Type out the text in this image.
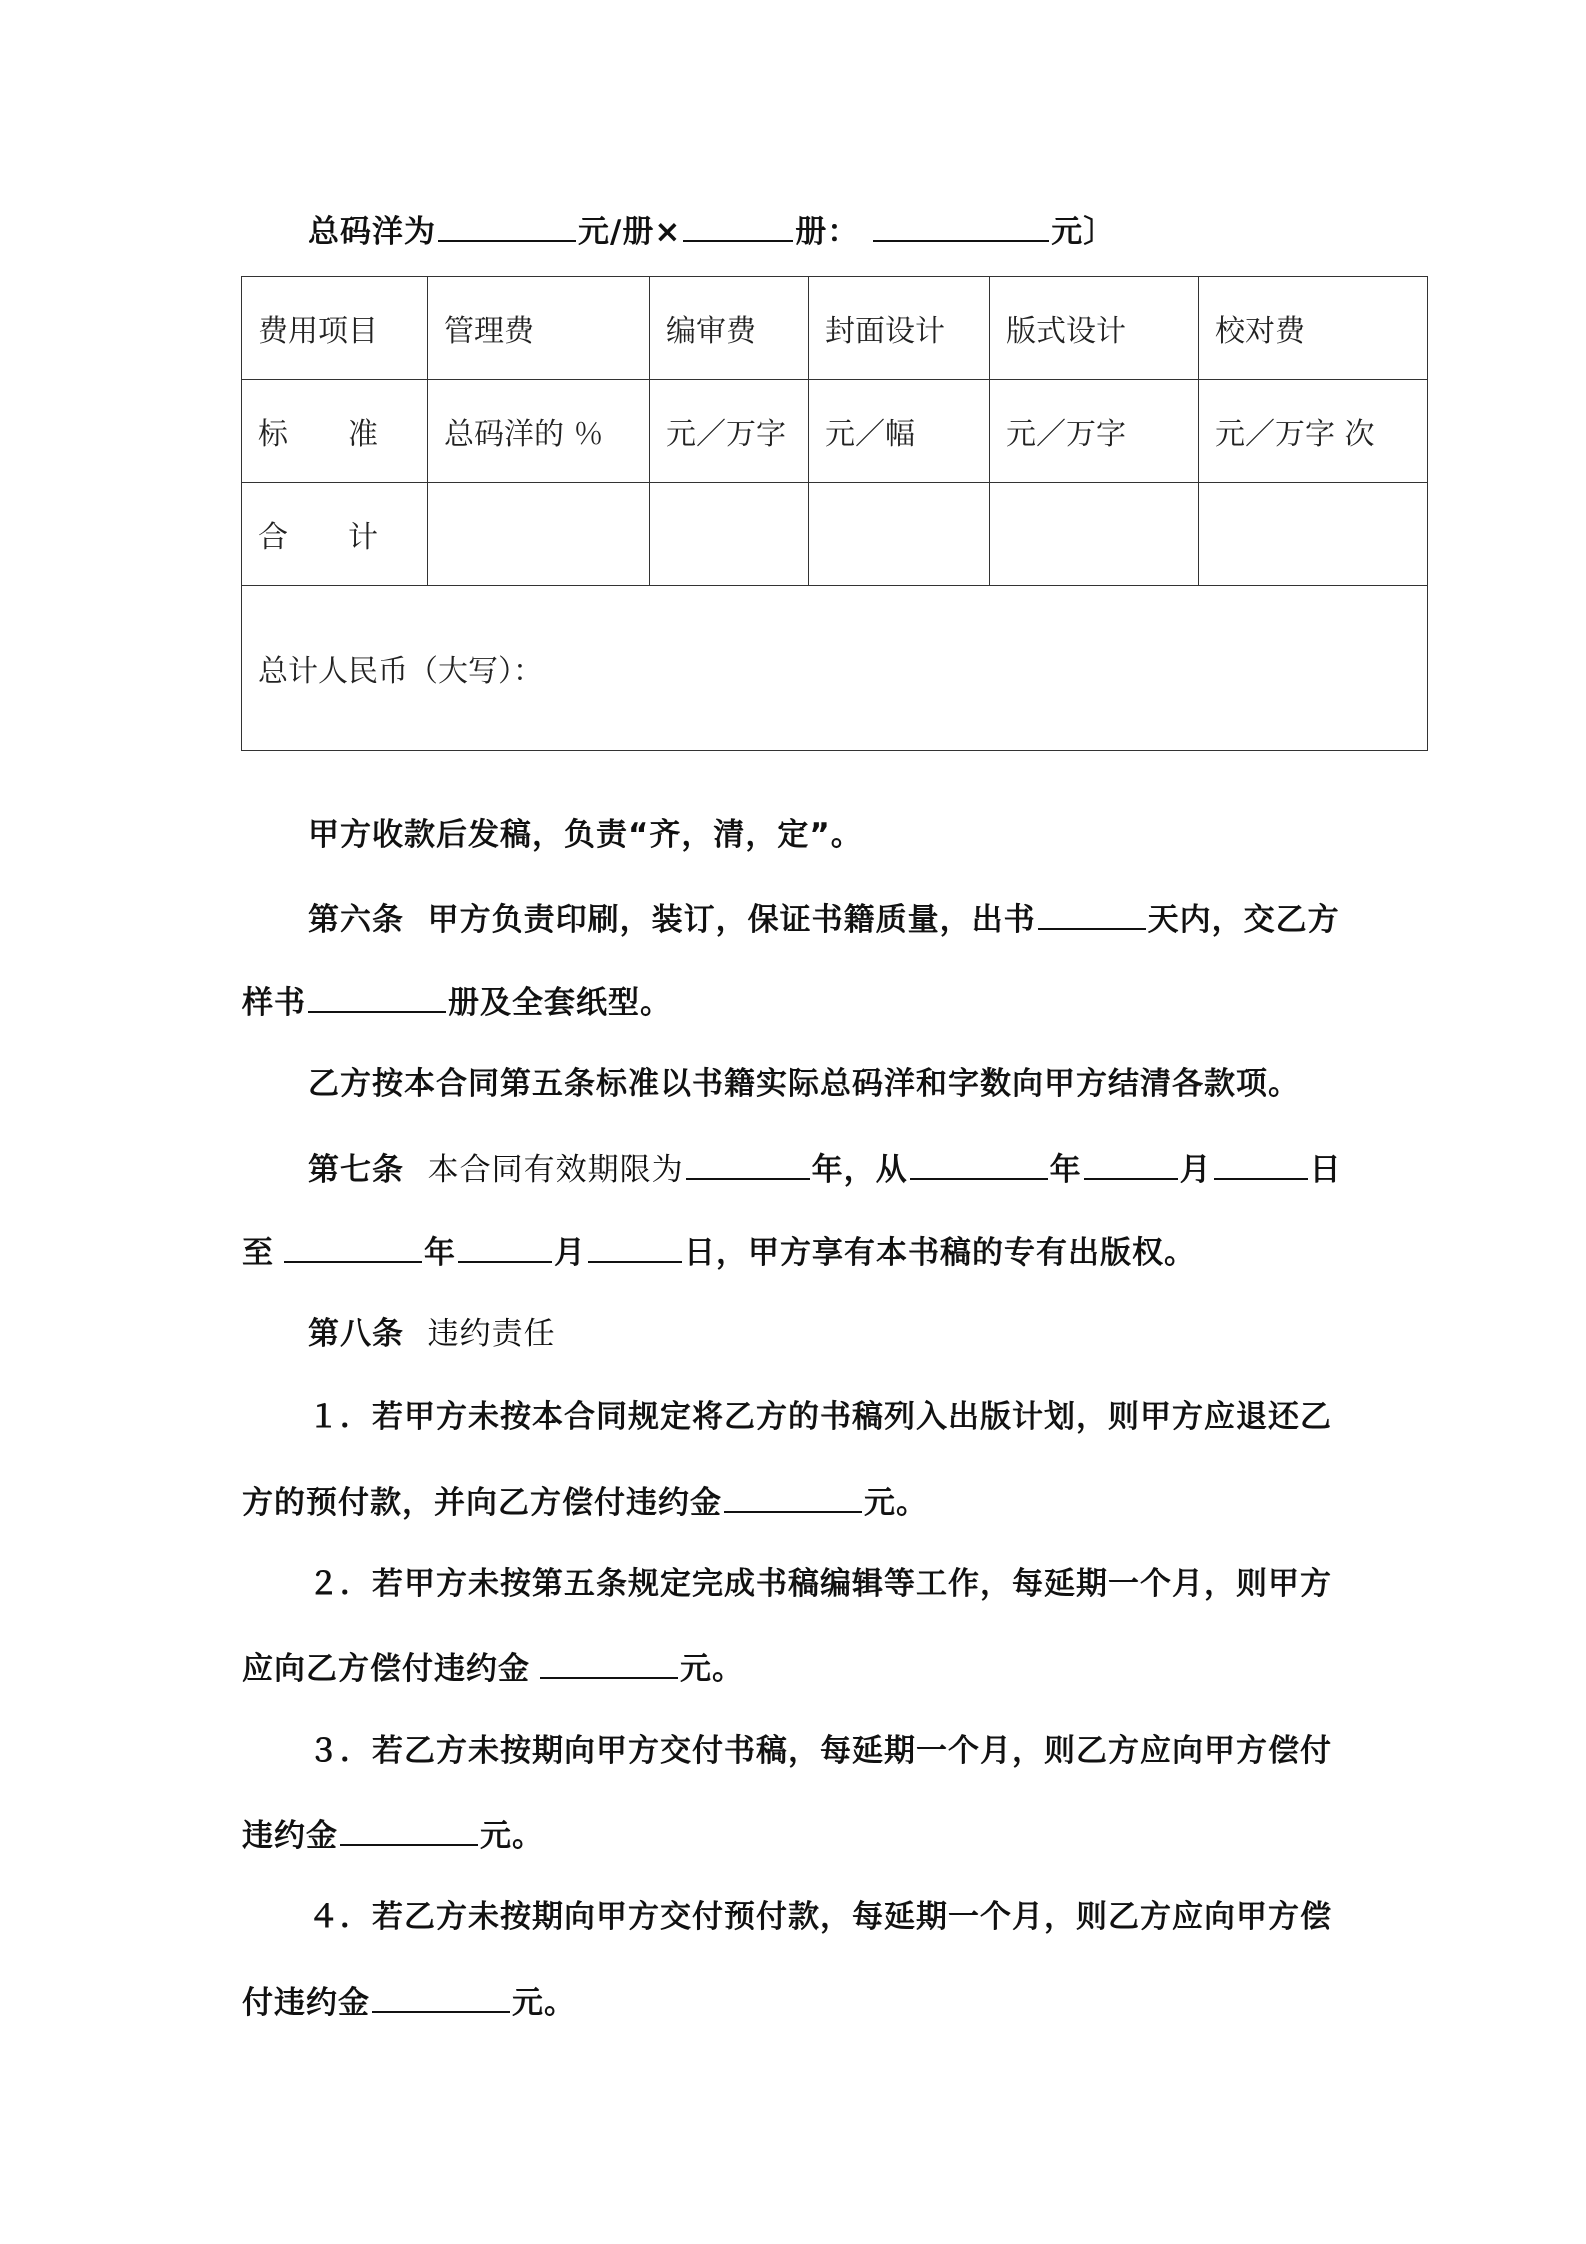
总码洋为	元/册×	册：	元〕
费用项目	管理费	编审费	封面设计	版式设计	校对费
标　　准	总码洋的 ％	元／万字	元／幅	元／万字	元／万字 次
合　　计					
总计人民币（大写）：					
甲方收款后发稿，负责“齐，清，定”。
第六条 甲方负责印刷，装订，保证书籍质量，出书	天内，交乙方
样书	册及全套纸型。
乙方按本合同第五条标准以书籍实际总码洋和字数向甲方结清各款项。
第七条 本合同有效期限为	年，从	年	月	日
至	年	月	日，甲方享有本书稿的专有出版权。
第八条 违约责任
１．若甲方未按本合同规定将乙方的书稿列入出版计划，则甲方应退还乙
方的预付款，并向乙方偿付违约金	元。
２．若甲方未按第五条规定完成书稿编辑等工作，每延期一个月，则甲方
应向乙方偿付违约金	元。
３．若乙方未按期向甲方交付书稿，每延期一个月，则乙方应向甲方偿付
违约金	元。
４．若乙方未按期向甲方交付预付款，每延期一个月，则乙方应向甲方偿
付违约金	元。
